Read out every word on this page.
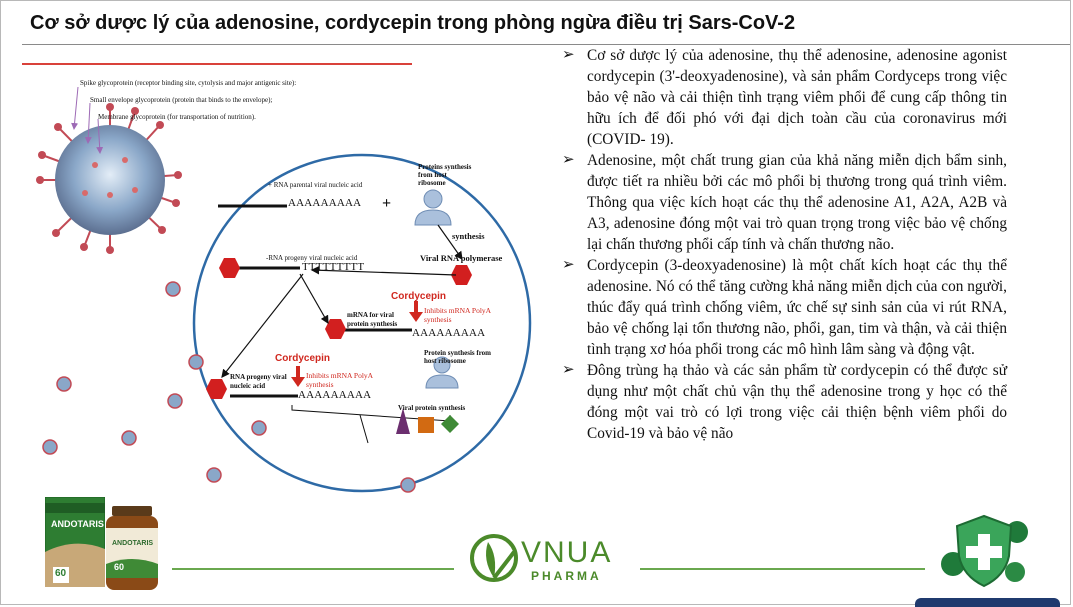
Cơ sở dược lý của adenosine, cordycepin trong phòng ngừa điều trị Sars-CoV-2

Spike glycoprotein (receptor binding site, cytolysis and major antigenic site):

Small envelope glycoprotein (protein that binds to the envelope);

Membrane glycoprotein (for transportation of nutrition).

+ RNA parental viral nucleic acid

AAAAAAAAA +

Proteins synthesis from host ribosome

synthesis

Viral RNA polymerase

-RNA progeny viral nucleic acid

TTTTTTTTT

Cordycepin

Inhibits mRNA PolyA synthesis

mRNA for viral protein synthesis

AAAAAAAAA

Cordycepin

Inhibits mRNA PolyA synthesis

Protein synthesis from host ribosome

RNA progeny viral nucleic acid

AAAAAAAAA

Viral protein synthesis

➢ Cơ sở dược lý của adenosine, thụ thể adenosine, adenosine agonist cordycepin (3'-deoxyadenosine), và sản phẩm Cordyceps trong việc bảo vệ não và cải thiện tình trạng viêm phổi để cung cấp thông tin hữu ích để đối phó với đại dịch toàn cầu của coronavirus mới (COVID- 19).
➢ Adenosine, một chất trung gian của khả năng miễn dịch bẩm sinh, được tiết ra nhiều bởi các mô phổi bị thương trong quá trình viêm. Thông qua việc kích hoạt các thụ thể adenosine A1, A2A, A2B và A3, adenosine đóng một vai trò quan trọng trong việc bảo vệ chống lại chấn thương phổi cấp tính và chấn thương não.
➢ Cordycepin (3-deoxyadenosine) là một chất kích hoạt các thụ thể adenosine. Nó có thể tăng cường khả năng miễn dịch của con người, thúc đẩy quá trình chống viêm, ức chế sự sinh sản của vi rút RNA, bảo vệ chống lại tổn thương não, phổi, gan, tim và thận, và cải thiện tình trạng xơ hóa phổi trong các mô hình lâm sàng và động vật.
➢ Đông trùng hạ thảo và các sản phẩm từ cordycepin có thể được sử dụng như một chất chủ vận thụ thể adenosine trong y học có thể đóng một vai trò có lợi trong việc cải thiện bệnh viêm phổi do Covid-19 và bảo vệ não

ANDOTARIS

60

ANDOTARIS

60	VNUA

PHARMA
